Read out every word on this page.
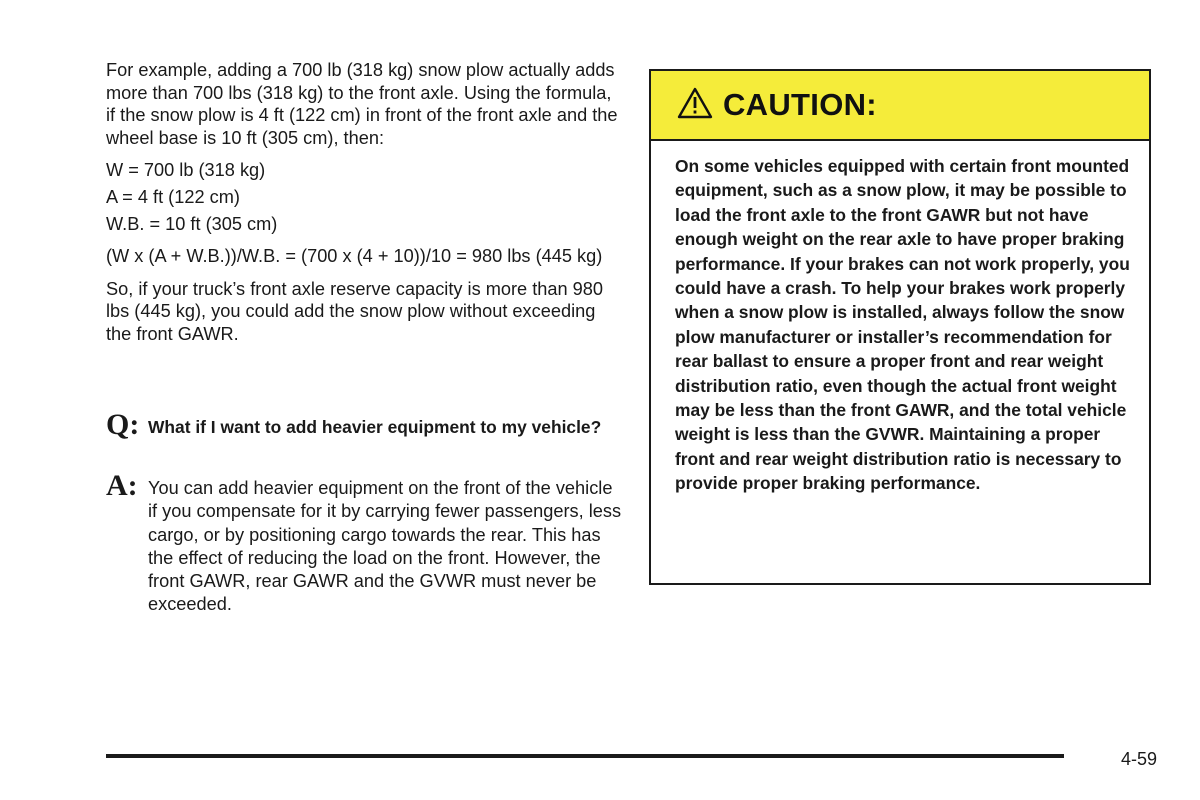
For example, adding a 700 lb (318 kg) snow plow actually adds more than 700 lbs (318 kg) to the front axle. Using the formula, if the snow plow is 4 ft (122 cm) in front of the front axle and the wheel base is 10 ft (305 cm), then:

W = 700 lb (318 kg)

A = 4 ft (122 cm)

W.B. = 10 ft (305 cm)

(W x (A + W.B.))/W.B. = (700 x (4 + 10))/10 = 980 lbs (445 kg)

So, if your truck’s front axle reserve capacity is more than 980 lbs (445 kg), you could add the snow plow without exceeding the front GAWR.

Q: What if I want to add heavier equipment to my vehicle?
A: You can add heavier equipment on the front of the vehicle if you compensate for it by carrying fewer passengers, less cargo, or by positioning cargo towards the rear. This has the effect of reducing the load on the front. However, the front GAWR, rear GAWR and the GVWR must never be exceeded.
CAUTION:
On some vehicles equipped with certain front mounted equipment, such as a snow plow, it may be possible to load the front axle to the front GAWR but not have enough weight on the rear axle to have proper braking performance. If your brakes can not work properly, you could have a crash. To help your brakes work properly when a snow plow is installed, always follow the snow plow manufacturer or installer’s recommendation for rear ballast to ensure a proper front and rear weight distribution ratio, even though the actual front weight may be less than the front GAWR, and the total vehicle weight is less than the GVWR. Maintaining a proper front and rear weight distribution ratio is necessary to provide proper braking performance.
4-59
